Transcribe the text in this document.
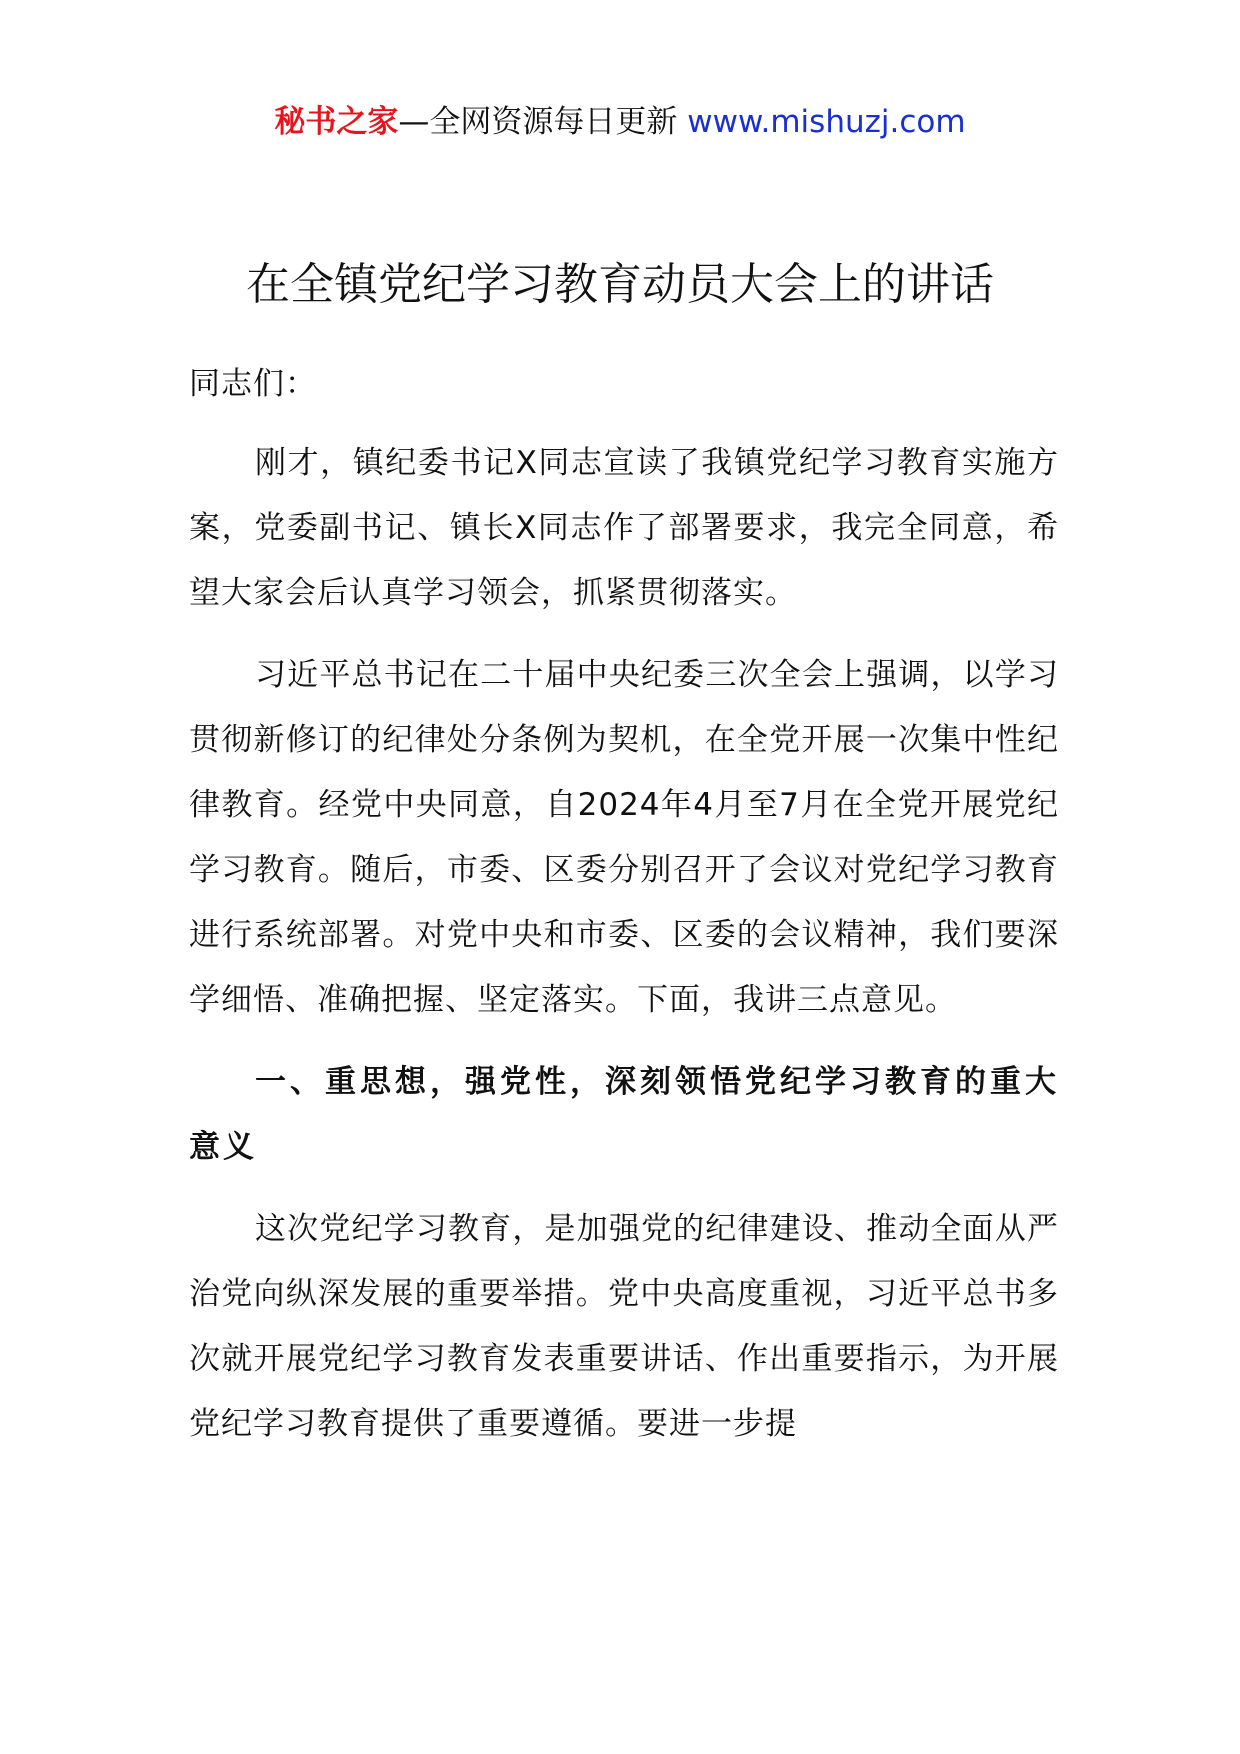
秘书之家—全网资源每日更新 www.mishuzj.com
在全镇党纪学习教育动员大会上的讲话

同志们：

刚才，镇纪委书记X同志宣读了我镇党纪学习教育实施方案，党委副书记、镇长X同志作了部署要求，我完全同意，希望大家会后认真学习领会，抓紧贯彻落实。

习近平总书记在二十届中央纪委三次全会上强调，以学习贯彻新修订的纪律处分条例为契机，在全党开展一次集中性纪律教育。经党中央同意，自2024年4月至7月在全党开展党纪学习教育。随后，市委、区委分别召开了会议对党纪学习教育进行系统部署。对党中央和市委、区委的会议精神，我们要深学细悟、准确把握、坚定落实。下面，我讲三点意见。

一、重思想，强党性，深刻领悟党纪学习教育的重大意义

这次党纪学习教育，是加强党的纪律建设、推动全面从严治党向纵深发展的重要举措。党中央高度重视，习近平总书多次就开展党纪学习教育发表重要讲话、作出重要指示，为开展党纪学习教育提供了重要遵循。要进一步提
